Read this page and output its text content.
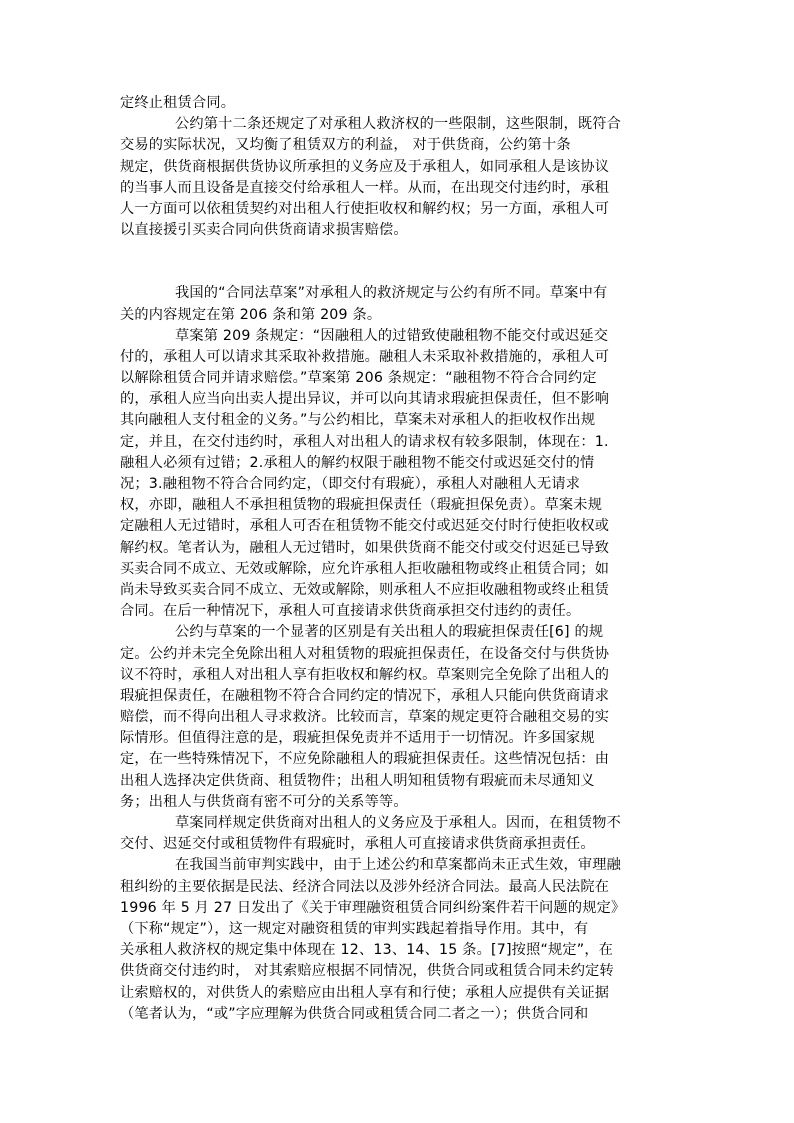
定终止租赁合同。
公约第十二条还规定了对承租人救济权的一些限制，这些限制，既符合
交易的实际状况，又均衡了租赁双方的利益， 对于供货商，公约第十条
规定，供货商根据供货协议所承担的义务应及于承租人，如同承租人是该协议
的当事人而且设备是直接交付给承租人一样。从而，在出现交付违约时，承租
人一方面可以依租赁契约对出租人行使拒收权和解约权；另一方面，承租人可
以直接援引买卖合同向供货商请求损害赔偿。
我国的“合同法草案”对承租人的救济规定与公约有所不同。草案中有
关的内容规定在第 206 条和第 209 条。
草案第 209 条规定：“因融租人的过错致使融租物不能交付或迟延交
付的，承租人可以请求其采取补救措施。融租人未采取补救措施的，承租人可
以解除租赁合同并请求赔偿。”草案第 206 条规定：“融租物不符合合同约定
的，承租人应当向出卖人提出异议，并可以向其请求瑕疵担保责任，但不影响
其向融租人支付租金的义务。”与公约相比，草案未对承租人的拒收权作出规
定，并且，在交付违约时，承租人对出租人的请求权有较多限制，体现在：1.
融租人必须有过错；2.承租人的解约权限于融租物不能交付或迟延交付的情
况；3.融租物不符合合同约定，（即交付有瑕疵），承租人对融租人无请求
权，亦即，融租人不承担租赁物的瑕疵担保责任（瑕疵担保免责）。草案未规
定融租人无过错时，承租人可否在租赁物不能交付或迟延交付时行使拒收权或
解约权。笔者认为，融租人无过错时，如果供货商不能交付或交付迟延已导致
买卖合同不成立、无效或解除，应允许承租人拒收融租物或终止租赁合同；如
尚未导致买卖合同不成立、无效或解除，则承租人不应拒收融租物或终止租赁
合同。在后一种情况下，承租人可直接请求供货商承担交付违约的责任。
公约与草案的一个显著的区别是有关出租人的瑕疵担保责任[6] 的规
定。公约并未完全免除出租人对租赁物的瑕疵担保责任，在设备交付与供货协
议不符时，承租人对出租人享有拒收权和解约权。草案则完全免除了出租人的
瑕疵担保责任，在融租物不符合合同约定的情况下，承租人只能向供货商请求
赔偿，而不得向出租人寻求救济。比较而言，草案的规定更符合融租交易的实
际情形。但值得注意的是，瑕疵担保免责并不适用于一切情况。许多国家规
定，在一些特殊情况下，不应免除融租人的瑕疵担保责任。这些情况包括：由
出租人选择决定供货商、租赁物件；出租人明知租赁物有瑕疵而未尽通知义
务；出租人与供货商有密不可分的关系等等。
草案同样规定供货商对出租人的义务应及于承租人。因而，在租赁物不
交付、迟延交付或租赁物件有瑕疵时，承租人可直接请求供货商承担责任。
在我国当前审判实践中，由于上述公约和草案都尚未正式生效，审理融
租纠纷的主要依据是民法、经济合同法以及涉外经济合同法。最高人民法院在
1996 年 5 月 27 日发出了《关于审理融资租赁合同纠纷案件若干问题的规定》
（下称“规定”），这一规定对融资租赁的审判实践起着指导作用。其中，有
关承租人救济权的规定集中体现在 12、13、14、15 条。[7]按照“规定”，在
供货商交付违约时， 对其索赔应根据不同情况，供货合同或租赁合同未约定转
让索赔权的，对供货人的索赔应由出租人享有和行使；承租人应提供有关证据
（笔者认为，“或”字应理解为供货合同或租赁合同二者之一）；供货合同和
